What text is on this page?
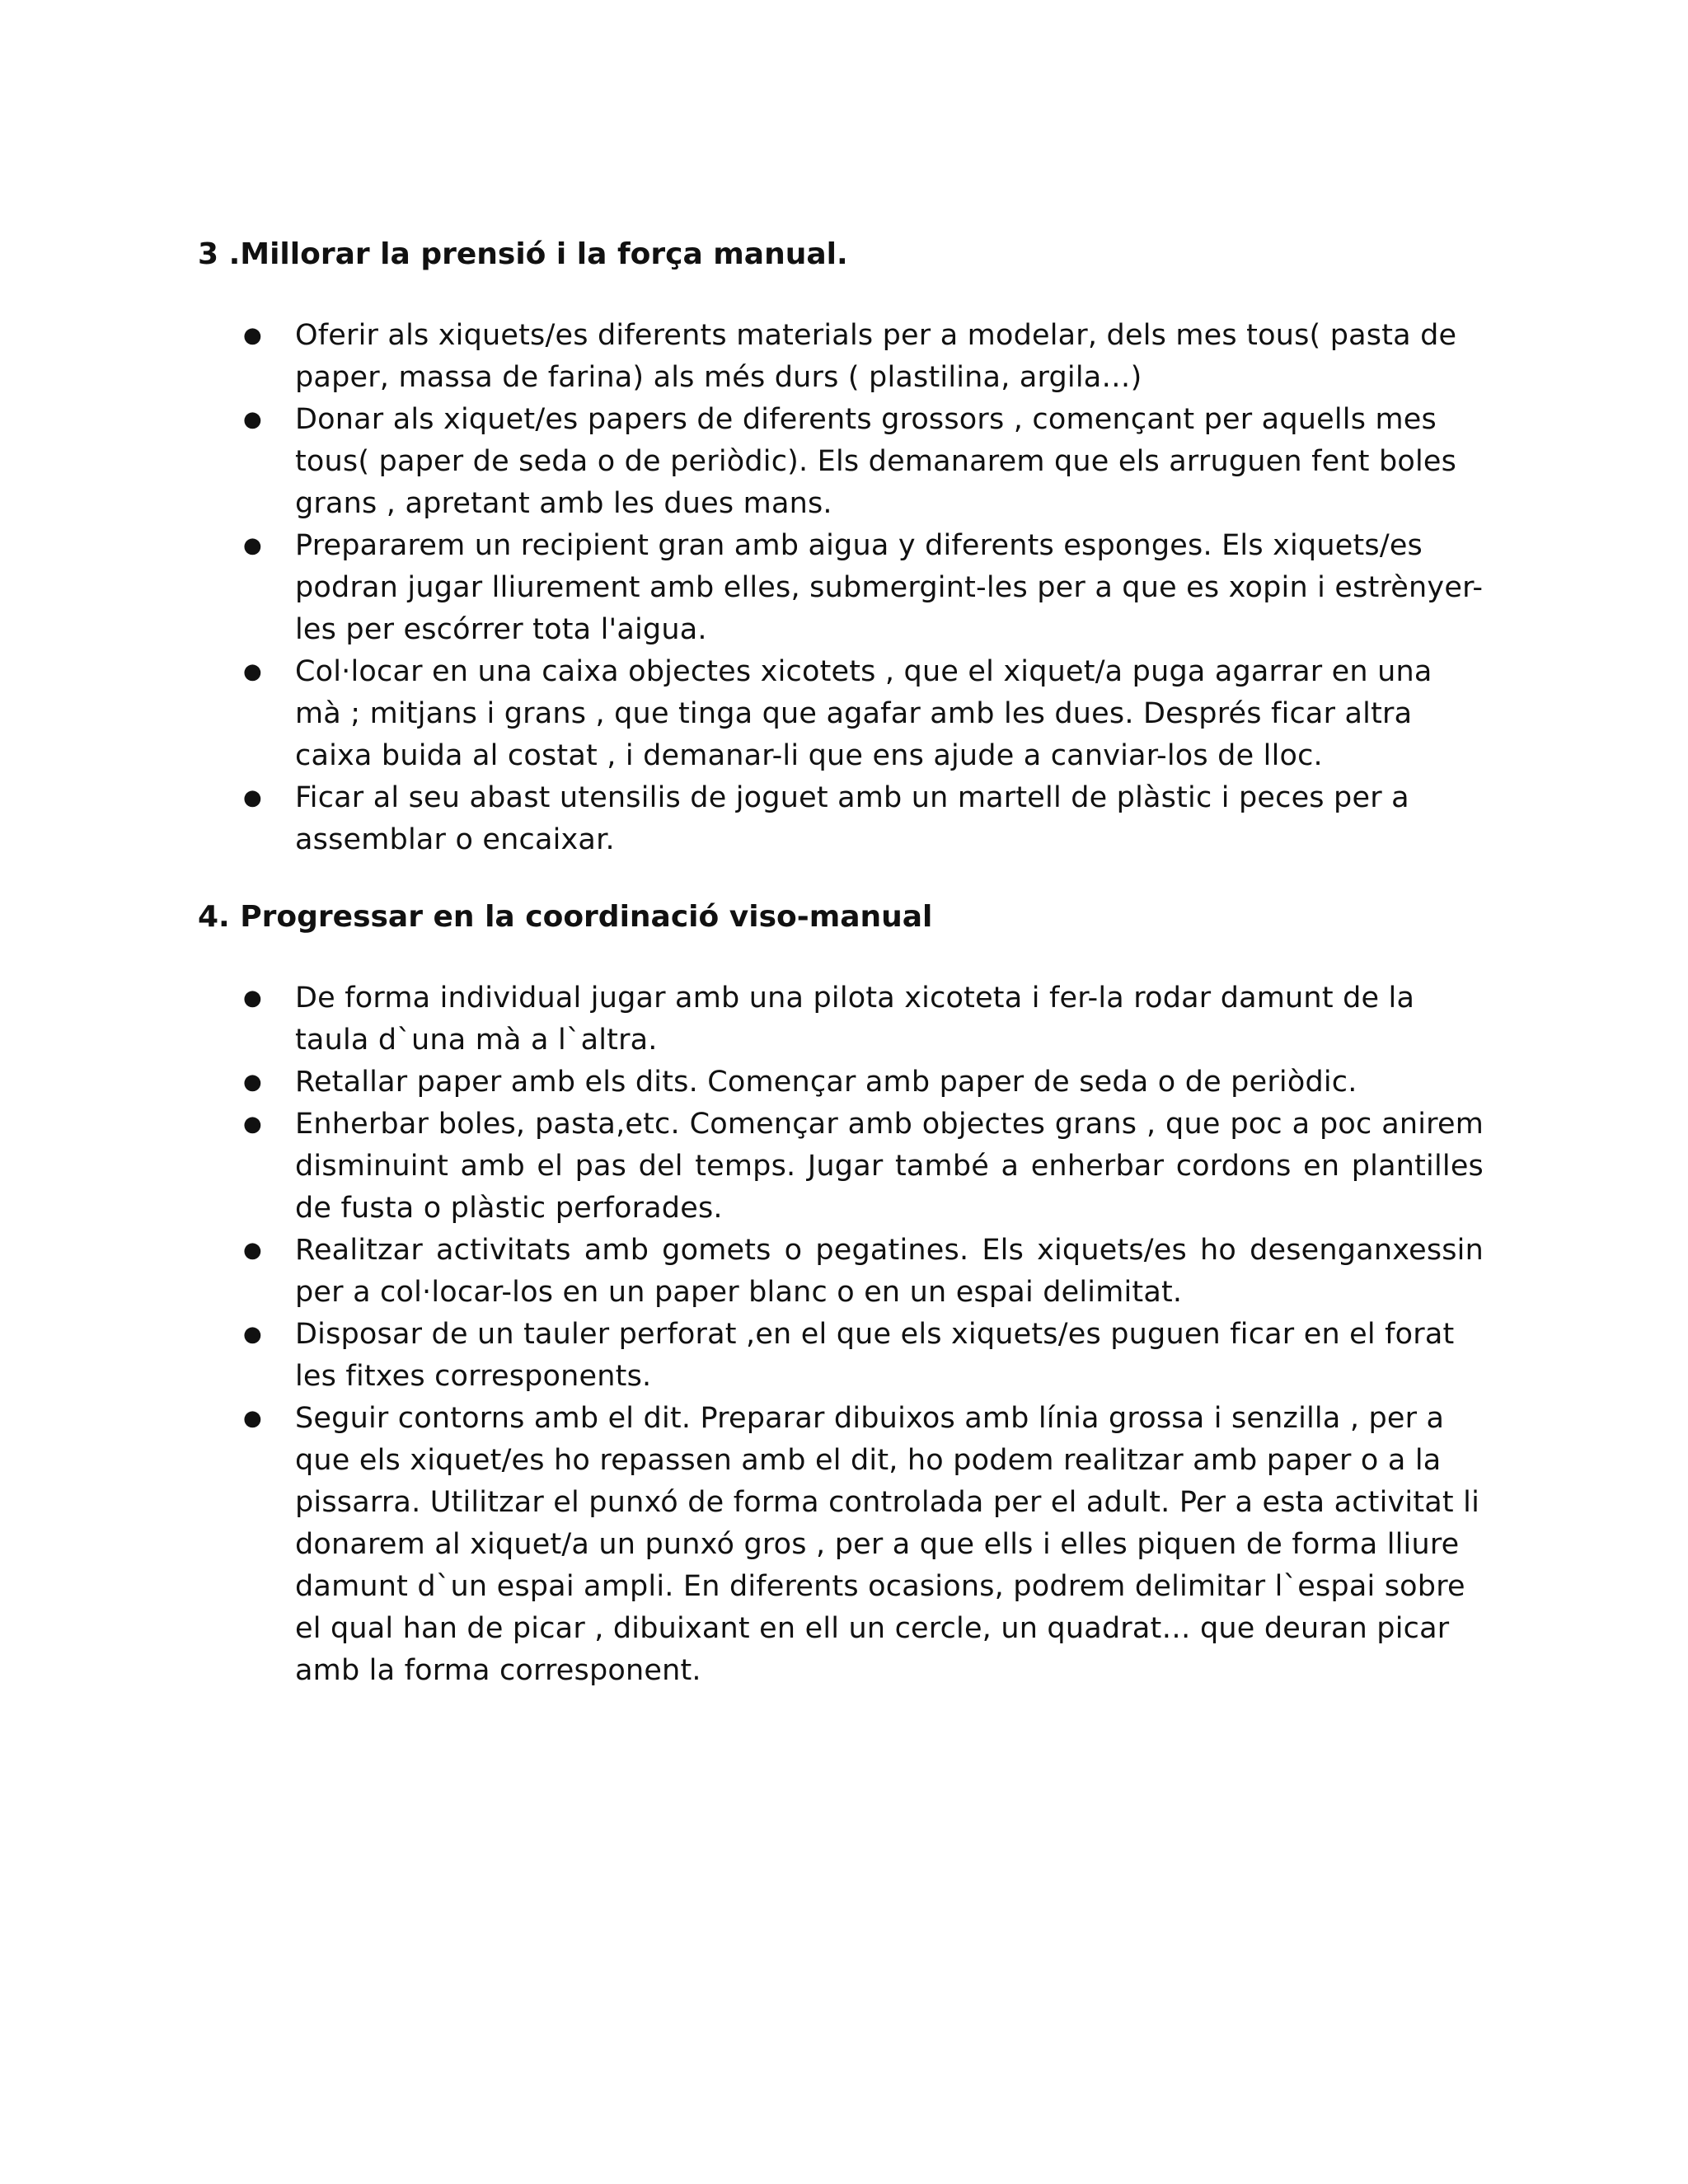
3 .Millorar la prensió i la força manual.
● Oferir als xiquets/es diferents materials per a modelar, dels mes tous( pasta de paper, massa de farina) als més durs ( plastilina, argila…)
● Donar als xiquet/es papers de diferents grossors , començant per aquells mes tous( paper de seda o de periòdic). Els demanarem que els arruguen fent boles grans , apretant amb les dues mans.
● Prepararem un recipient gran amb aigua y diferents esponges. Els xiquets/es podran jugar lliurement amb elles, submergint-les per a que es xopin i estrènyer-les per escórrer tota l'aigua.
● Col·locar en una caixa objectes xicotets , que el xiquet/a puga agarrar en una mà ; mitjans i grans , que tinga que agafar amb les dues. Després ficar altra caixa buida al costat , i demanar-li que ens ajude a canviar-los de lloc.
● Ficar al seu abast utensilis de joguet amb un martell de plàstic i peces per a assemblar o encaixar.
4. Progressar en la coordinació viso-manual
● De forma individual jugar amb una pilota xicoteta i fer-la rodar damunt de la taula d`una mà a l`altra.
● Retallar paper amb els dits. Començar amb paper de seda o de periòdic.
● Enherbar boles, pasta,etc. Començar amb objectes grans , que poc a poc anirem disminuint amb el pas del temps. Jugar també a enherbar cordons en plantilles de fusta o plàstic perforades.
● Realitzar activitats amb gomets o pegatines. Els xiquets/es ho desenganxessin per a col·locar-los en un paper blanc o en un espai delimitat.
● Disposar de un tauler perforat ,en el que els xiquets/es puguen ficar en el forat les fitxes corresponents.
● Seguir contorns amb el dit. Preparar dibuixos amb línia grossa i senzilla , per a que els xiquet/es ho repassen amb el dit, ho podem realitzar amb paper o a la pissarra. Utilitzar el punxó de forma controlada per el adult. Per a esta activitat li donarem al xiquet/a un punxó gros , per a que ells i elles piquen de forma lliure damunt d`un espai ampli. En diferents ocasions, podrem delimitar l`espai sobre el qual han de picar , dibuixant en ell un cercle, un quadrat… que deuran picar amb la forma corresponent.
